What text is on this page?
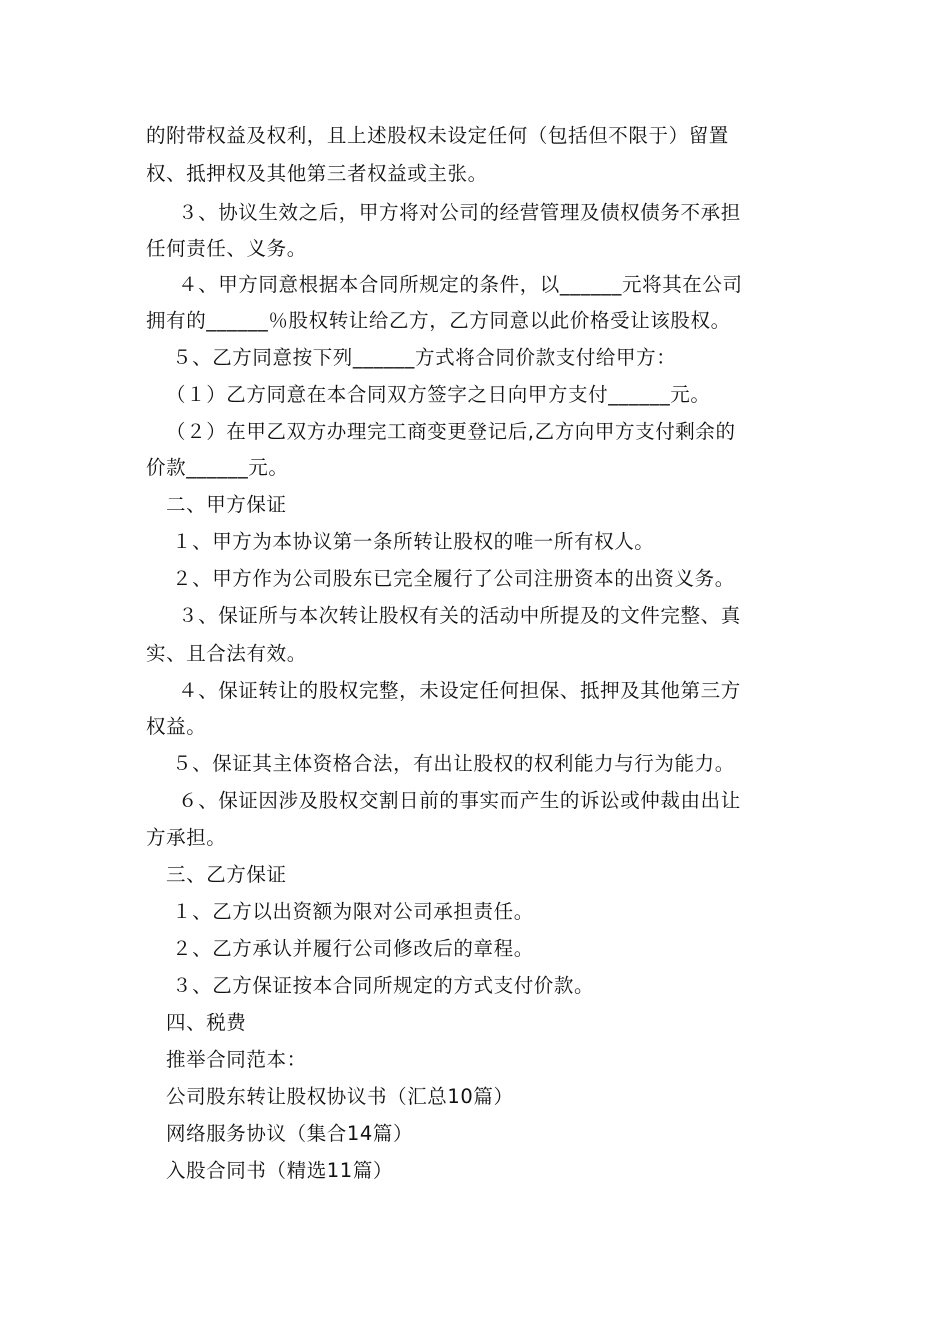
的附带权益及权利，且上述股权未设定任何（包括但不限于）留置
权、抵押权及其他第三者权益或主张。
３、协议生效之后，甲方将对公司的经营管理及债权债务不承担
任何责任、义务。
４、甲方同意根据本合同所规定的条件，以______元将其在公司
拥有的______％股权转让给乙方，乙方同意以此价格受让该股权。
５、乙方同意按下列______方式将合同价款支付给甲方：
（１）乙方同意在本合同双方签字之日向甲方支付______元。
（２）在甲乙双方办理完工商变更登记后,乙方向甲方支付剩余的
价款______元。
二、甲方保证
１、甲方为本协议第一条所转让股权的唯一所有权人。
２、甲方作为公司股东已完全履行了公司注册资本的出资义务。
３、保证所与本次转让股权有关的活动中所提及的文件完整、真
实、且合法有效。
４、保证转让的股权完整，未设定任何担保、抵押及其他第三方
权益。
５、保证其主体资格合法，有出让股权的权利能力与行为能力。
６、保证因涉及股权交割日前的事实而产生的诉讼或仲裁由出让
方承担。
三、乙方保证
１、乙方以出资额为限对公司承担责任。
２、乙方承认并履行公司修改后的章程。
３、乙方保证按本合同所规定的方式支付价款。
四、税费
推举合同范本：
公司股东转让股权协议书（汇总10篇）
网络服务协议（集合14篇）
入股合同书（精选11篇）
